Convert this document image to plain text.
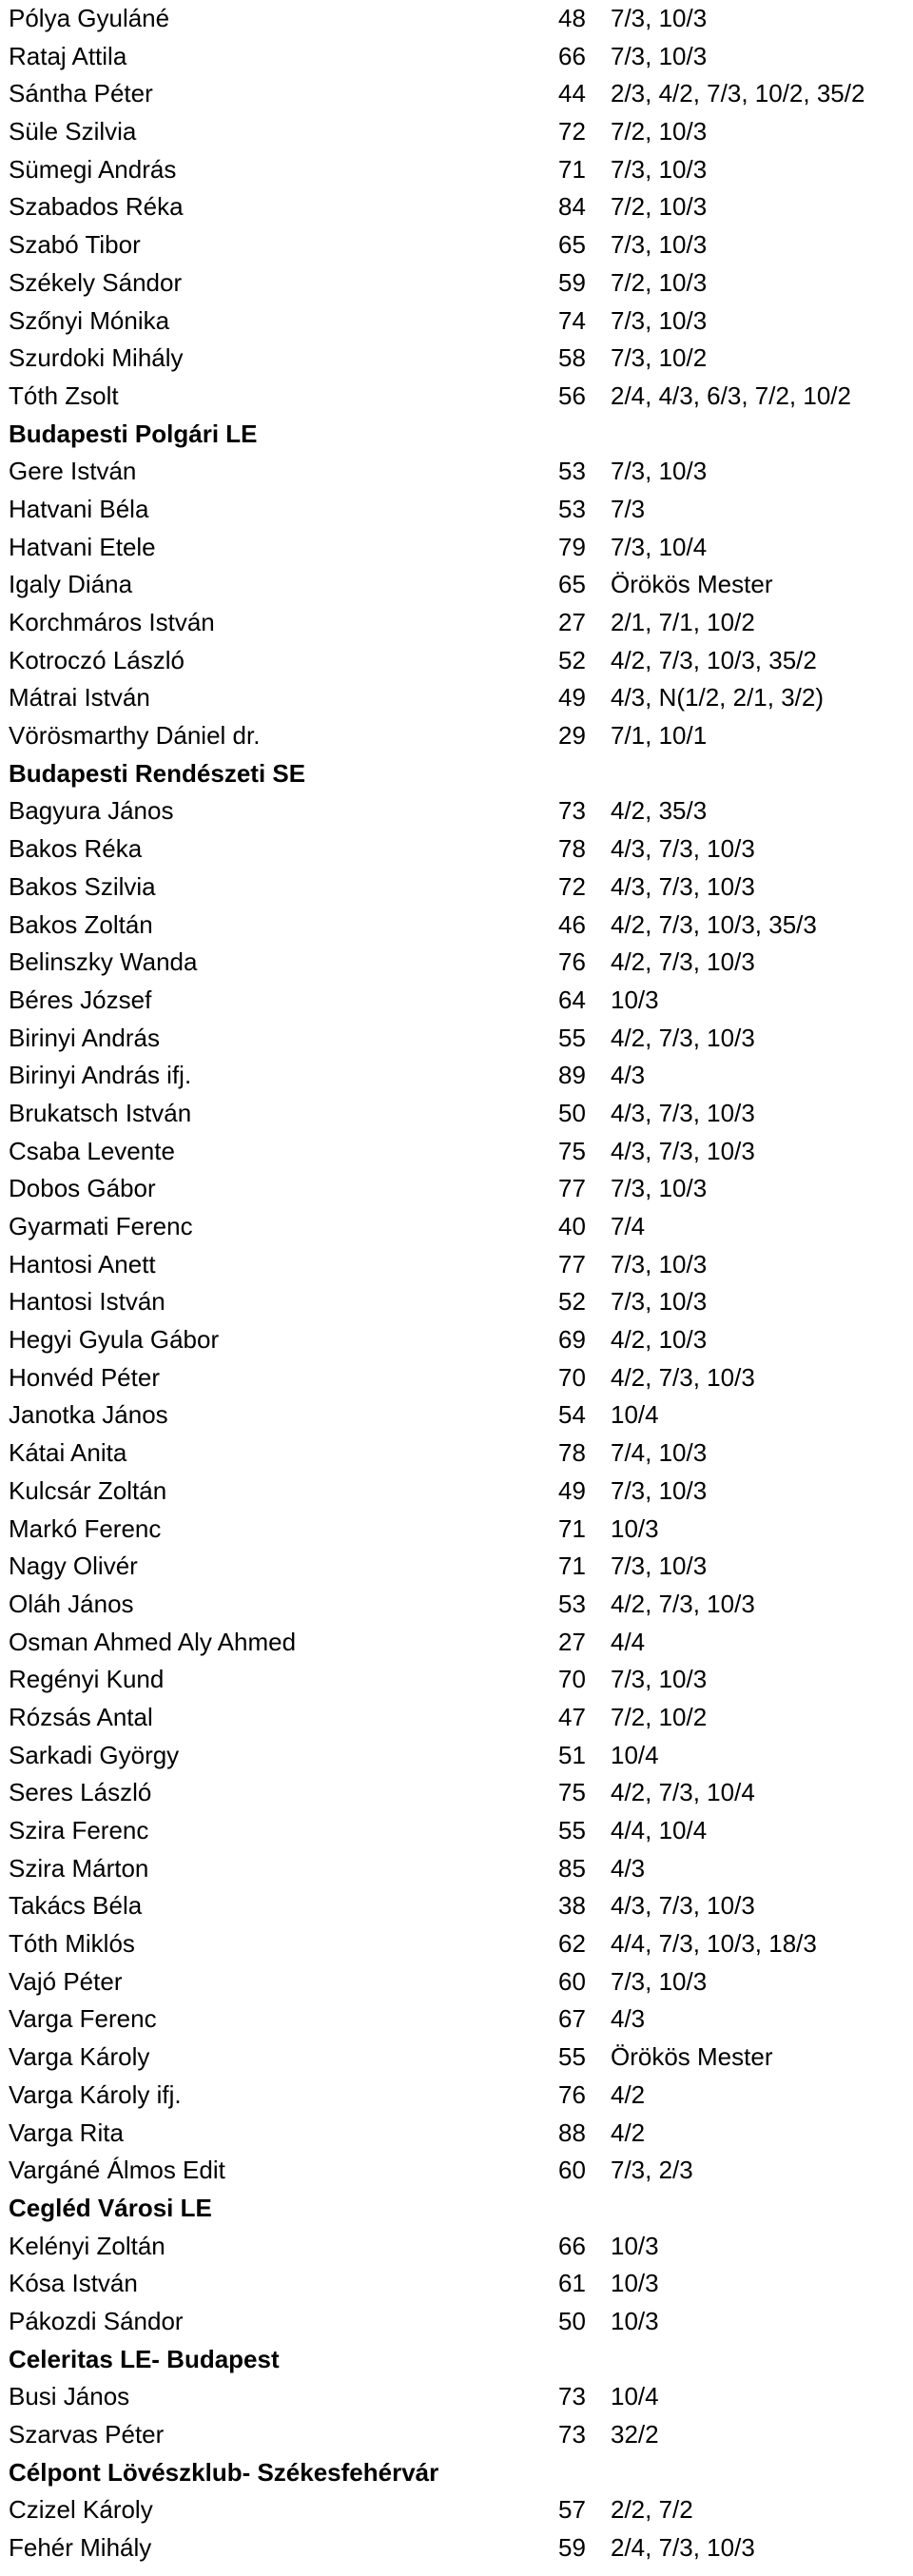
Pólya Gyuláné	48 7/3, 10/3
Rataj Attila	66 7/3, 10/3
Sántha Péter	44 2/3, 4/2, 7/3, 10/2, 35/2
Süle Szilvia	72 7/2, 10/3
Sümegi András	71 7/3, 10/3
Szabados Réka	84 7/2, 10/3
Szabó Tibor	65 7/3, 10/3
Székely Sándor	59 7/2, 10/3
Szőnyi Mónika	74 7/3, 10/3
Szurdoki Mihály	58 7/3, 10/2
Tóth Zsolt	56 2/4, 4/3, 6/3, 7/2, 10/2
Budapesti Polgári LE
Gere István	53 7/3, 10/3
Hatvani Béla	53 7/3
Hatvani Etele	79 7/3, 10/4
Igaly Diána	65 Örökös Mester
Korchmáros István	27 2/1, 7/1, 10/2
Kotroczó László	52 4/2, 7/3, 10/3, 35/2
Mátrai István	49 4/3, N(1/2, 2/1, 3/2)
Vörösmarthy Dániel dr.	29 7/1, 10/1
Budapesti Rendészeti SE
Bagyura János	73 4/2, 35/3
Bakos Réka	78 4/3, 7/3, 10/3
Bakos Szilvia	72 4/3, 7/3, 10/3
Bakos Zoltán	46 4/2, 7/3, 10/3, 35/3
Belinszky Wanda	76 4/2, 7/3, 10/3
Béres József	64 10/3
Birinyi András	55 4/2, 7/3, 10/3
Birinyi András ifj.	89 4/3
Brukatsch István	50 4/3, 7/3, 10/3
Csaba Levente	75 4/3, 7/3, 10/3
Dobos Gábor	77 7/3, 10/3
Gyarmati Ferenc	40 7/4
Hantosi Anett	77 7/3, 10/3
Hantosi István	52 7/3, 10/3
Hegyi Gyula Gábor	69 4/2, 10/3
Honvéd Péter	70 4/2, 7/3, 10/3
Janotka János	54 10/4
Kátai Anita	78 7/4, 10/3
Kulcsár Zoltán	49 7/3, 10/3
Markó Ferenc	71 10/3
Nagy Olivér	71 7/3, 10/3
Oláh János	53 4/2, 7/3, 10/3
Osman Ahmed Aly Ahmed	27 4/4
Regényi Kund	70 7/3, 10/3
Rózsás Antal	47 7/2, 10/2
Sarkadi György	51 10/4
Seres László	75 4/2, 7/3, 10/4
Szira Ferenc	55 4/4, 10/4
Szira Márton	85 4/3
Takács Béla	38 4/3, 7/3, 10/3
Tóth Miklós	62 4/4, 7/3, 10/3, 18/3
Vajó Péter	60 7/3, 10/3
Varga Ferenc	67 4/3
Varga Károly	55 Örökös Mester
Varga Károly ifj.	76 4/2
Varga Rita	88 4/2
Vargáné Álmos Edit	60 7/3, 2/3
Cegléd Városi LE
Kelényi Zoltán	66 10/3
Kósa István	61 10/3
Pákozdi Sándor	50 10/3
Celeritas LE- Budapest
Busi János	73 10/4
Szarvas Péter	73 32/2
Célpont Lövészklub- Székesfehérvár
Czizel Károly	57 2/2, 7/2
Fehér Mihály	59 2/4, 7/3, 10/3
